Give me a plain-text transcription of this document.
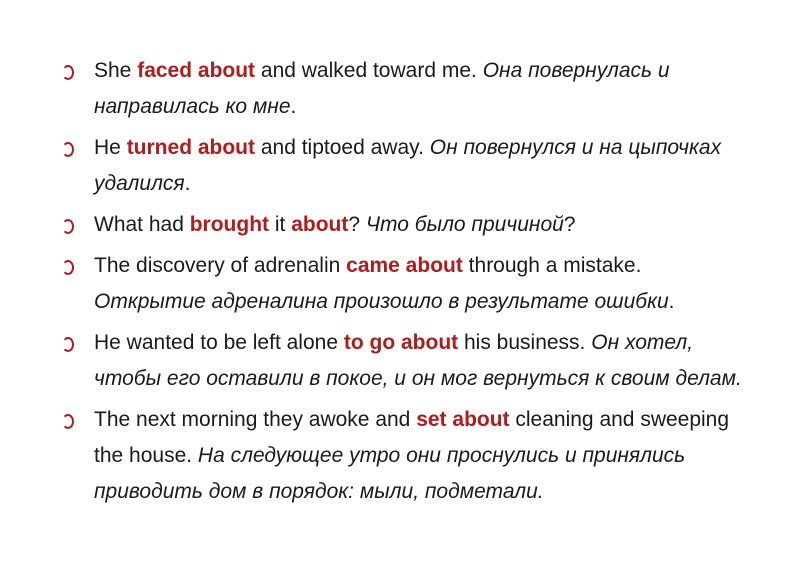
She faced about and walked toward me. Она повернулась и направилась ко мне.
He turned about and tiptoed away. Он повернулся и на цыпочках удалился.
What had brought it about? Что было причиной?
The discovery of adrenalin came about through a mistake. Открытие адреналина произошло в результате ошибки.
He wanted to be left alone to go about his business. Он хотел, чтобы его оставили в покое, и он мог вернуться к своим делам.
The next morning they awoke and set about cleaning and sweeping the house. На следующее утро они проснулись и принялись приводить дом в порядок: мыли, подметали.
